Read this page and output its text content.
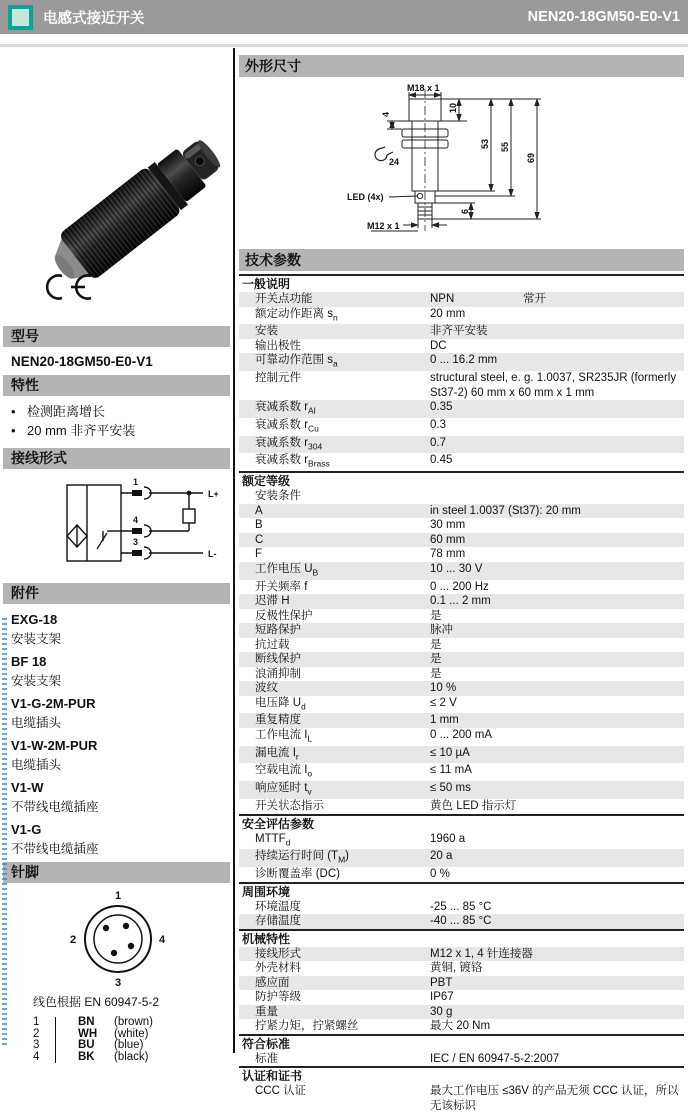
电感式接近开关	NEN20-18GM50-E0-V1
型号
NEN20-18GM50-E0-V1
特性
• 检测距离增长
• 20 mm 非齐平安装
接线形式
1
4
3
L+
L-
附件
EXG-18
安装支架
BF 18
安装支架
V1-G-2M-PUR
电缆插头
V1-W-2M-PUR
电缆插头
V1-W
不带线电缆插座
V1-G
不带线电缆插座
针脚
1
2	4
3
线色根据 EN 60947-5-2
1	BN	(brown)
2	WH	(white)
3	BU	(blue)
4	BK	(black)
外形尺寸
M18 x 1
10
4
24
53 55
69
6
LED (4x)
M12 x 1
技术参数
一般说明
开关点功能	NPN	常开
额定动作距离 $s_n$	20 mm
安装	非齐平安装
输出极性	DC
可靠动作范围 $s_a$	0 ... 16.2 mm
控制元件	structural steel, e. g. 1.0037, SR235JR (formerly St37-2) 60 mm x 60 mm x 1 mm
衰减系数 $r_{Al}$	0.35
衰减系数 $r_{Cu}$	0.3
衰减系数 $r_{304}$	0.7
衰减系数 $r_{Brass}$	0.45
额定等级
安装条件
A	in steel 1.0037 (St37): 20 mm
B	30 mm
C	60 mm
F	78 mm
工作电压 $U_B$	10 ... 30 V
开关频率 f	0 ... 200 Hz
迟滞 H	0.1 ... 2 mm
反极性保护	是
短路保护	脉冲
抗过载	是
断线保护	是
浪涌抑制	是
波纹	10 %
电压降 $U_d$	≤ 2 V
重复精度	1 mm
工作电流 $I_L$	0 ... 200 mA
漏电流 $I_r$	≤ 10 µA
空载电流 $I_o$	≤ 11 mA
响应延时 $t_v$	≤ 50 ms
开关状态指示	黄色 LED 指示灯
安全评估参数
$MTTF_d$	1960 a
持续运行时间 $(T_M)$	20 a
诊断覆盖率 (DC)	0 %
周围环境
环境温度	-25 ... 85 °C
存储温度	-40 ... 85 °C
机械特性
接线形式	M12 x 1, 4 针连接器
外壳材料	黄铜, 镀铬
感应面	PBT
防护等级	IP67
重量	30 g
拧紧力矩，拧紧螺丝	最大 20 Nm
符合标准
标准	IEC / EN 60947-5-2:2007
认证和证书
CCC 认证	最大工作电压 ≤36V 的产品无须 CCC 认证，所以无该标识
